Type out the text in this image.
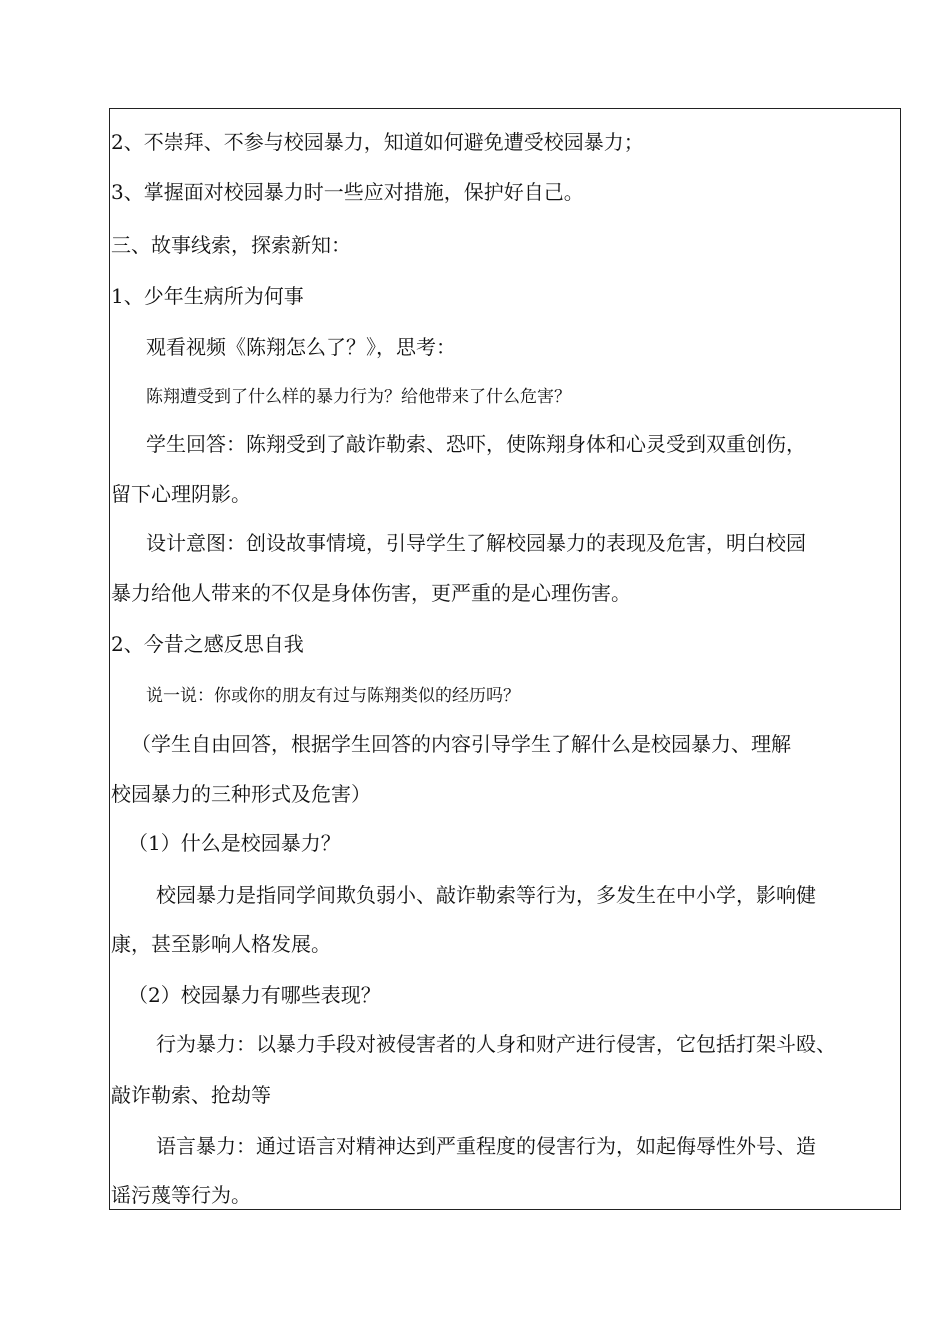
2、不崇拜、不参与校园暴力，知道如何避免遭受校园暴力；
3、掌握面对校园暴力时一些应对措施，保护好自己。
三、故事线索，探索新知：
1、少年生病所为何事
观看视频《陈翔怎么了？》，思考：
陈翔遭受到了什么样的暴力行为？给他带来了什么危害？
学生回答：陈翔受到了敲诈勒索、恐吓，使陈翔身体和心灵受到双重创伤，
留下心理阴影。
设计意图：创设故事情境，引导学生了解校园暴力的表现及危害，明白校园
暴力给他人带来的不仅是身体伤害，更严重的是心理伤害。
2、今昔之感反思自我
说一说：你或你的朋友有过与陈翔类似的经历吗？
（学生自由回答，根据学生回答的内容引导学生了解什么是校园暴力、理解
校园暴力的三种形式及危害）
（1）什么是校园暴力？
校园暴力是指同学间欺负弱小、敲诈勒索等行为，多发生在中小学，影响健
康，甚至影响人格发展。
（2）校园暴力有哪些表现？
行为暴力：以暴力手段对被侵害者的人身和财产进行侵害，它包括打架斗殴、
敲诈勒索、抢劫等
语言暴力：通过语言对精神达到严重程度的侵害行为，如起侮辱性外号、造
谣污蔑等行为。
